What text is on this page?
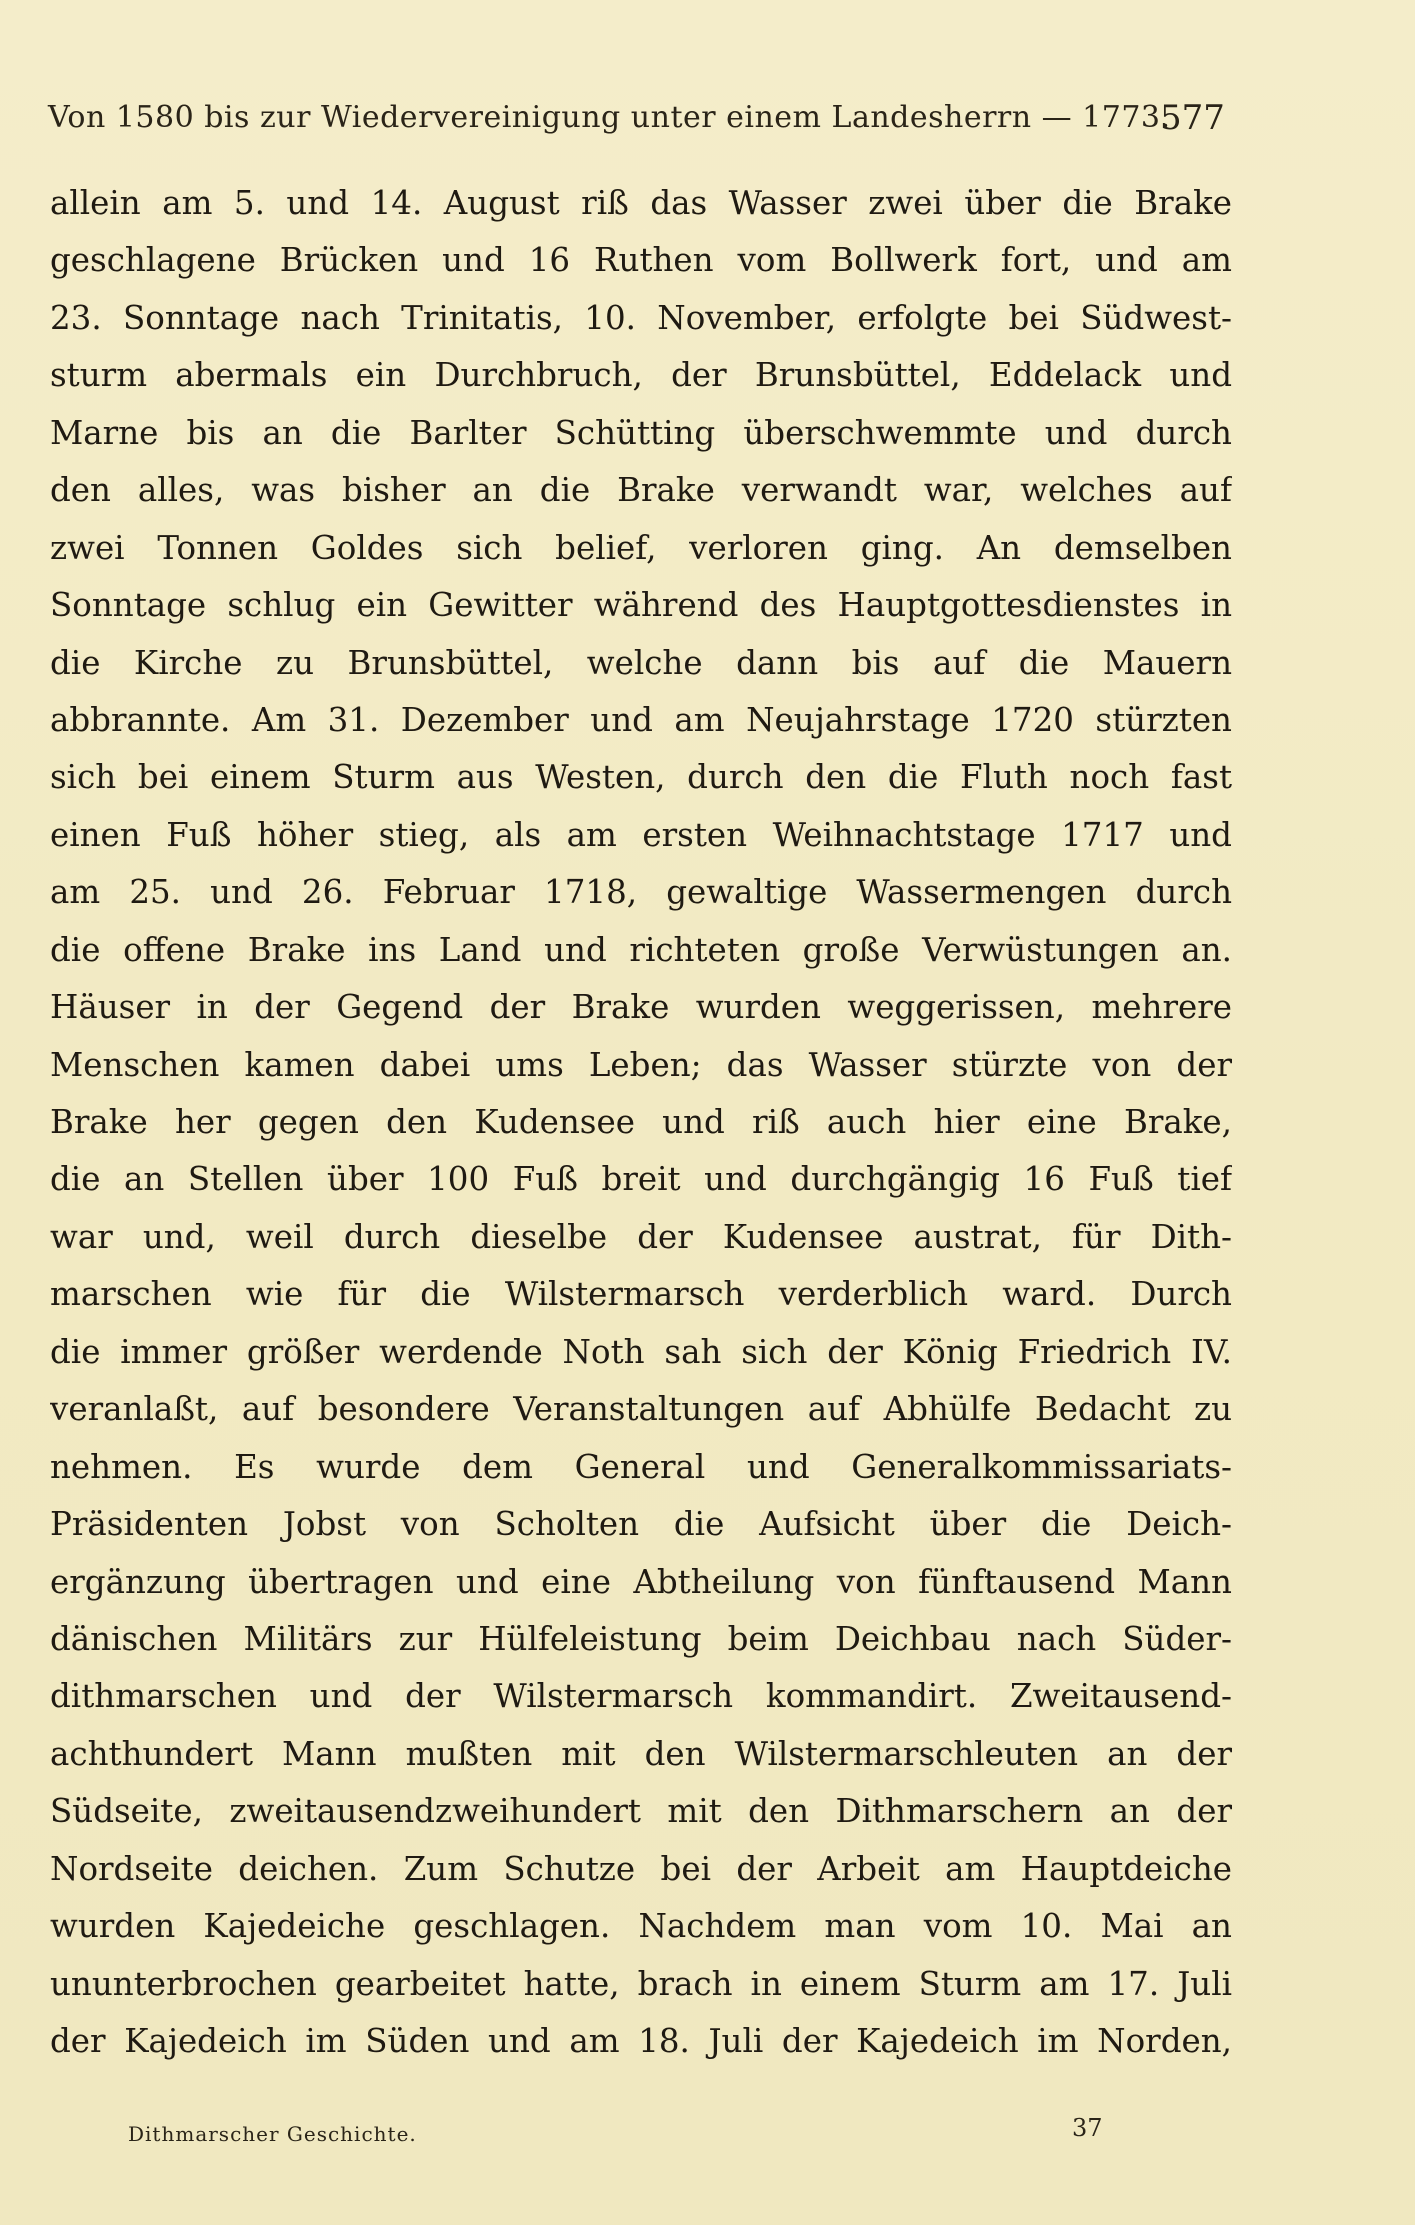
Von 1580 bis zur Wiedervereinigung unter einem Landesherrn — 1773.
577
allein am 5. und 14. August riß das Wasser zwei über die Brake
geschlagene Brücken und 16 Ruthen vom Bollwerk fort, und am
23. Sonntage nach Trinitatis, 10. November, erfolgte bei Südwest-
sturm abermals ein Durchbruch, der Brunsbüttel, Eddelack und
Marne bis an die Barlter Schütting überschwemmte und durch
den alles, was bisher an die Brake verwandt war, welches auf
zwei Tonnen Goldes sich belief, verloren ging. An demselben
Sonntage schlug ein Gewitter während des Hauptgottesdienstes in
die Kirche zu Brunsbüttel, welche dann bis auf die Mauern
abbrannte. Am 31. Dezember und am Neujahrstage 1720 stürzten
sich bei einem Sturm aus Westen, durch den die Fluth noch fast
einen Fuß höher stieg, als am ersten Weihnachtstage 1717 und
am 25. und 26. Februar 1718, gewaltige Wassermengen durch
die offene Brake ins Land und richteten große Verwüstungen an.
Häuser in der Gegend der Brake wurden weggerissen, mehrere
Menschen kamen dabei ums Leben; das Wasser stürzte von der
Brake her gegen den Kudensee und riß auch hier eine Brake,
die an Stellen über 100 Fuß breit und durchgängig 16 Fuß tief
war und, weil durch dieselbe der Kudensee austrat, für Dith-
marschen wie für die Wilstermarsch verderblich ward. Durch
die immer größer werdende Noth sah sich der König Friedrich IV.
veranlaßt, auf besondere Veranstaltungen auf Abhülfe Bedacht zu
nehmen. Es wurde dem General und Generalkommissariats-
Präsidenten Jobst von Scholten die Aufsicht über die Deich-
ergänzung übertragen und eine Abtheilung von fünftausend Mann
dänischen Militärs zur Hülfeleistung beim Deichbau nach Süder-
dithmarschen und der Wilstermarsch kommandirt. Zweitausend-
achthundert Mann mußten mit den Wilstermarschleuten an der
Südseite, zweitausendzweihundert mit den Dithmarschern an der
Nordseite deichen. Zum Schutze bei der Arbeit am Hauptdeiche
wurden Kajedeiche geschlagen. Nachdem man vom 10. Mai an
ununterbrochen gearbeitet hatte, brach in einem Sturm am 17. Juli
der Kajedeich im Süden und am 18. Juli der Kajedeich im Norden,
Dithmarscher Geschichte.	37
